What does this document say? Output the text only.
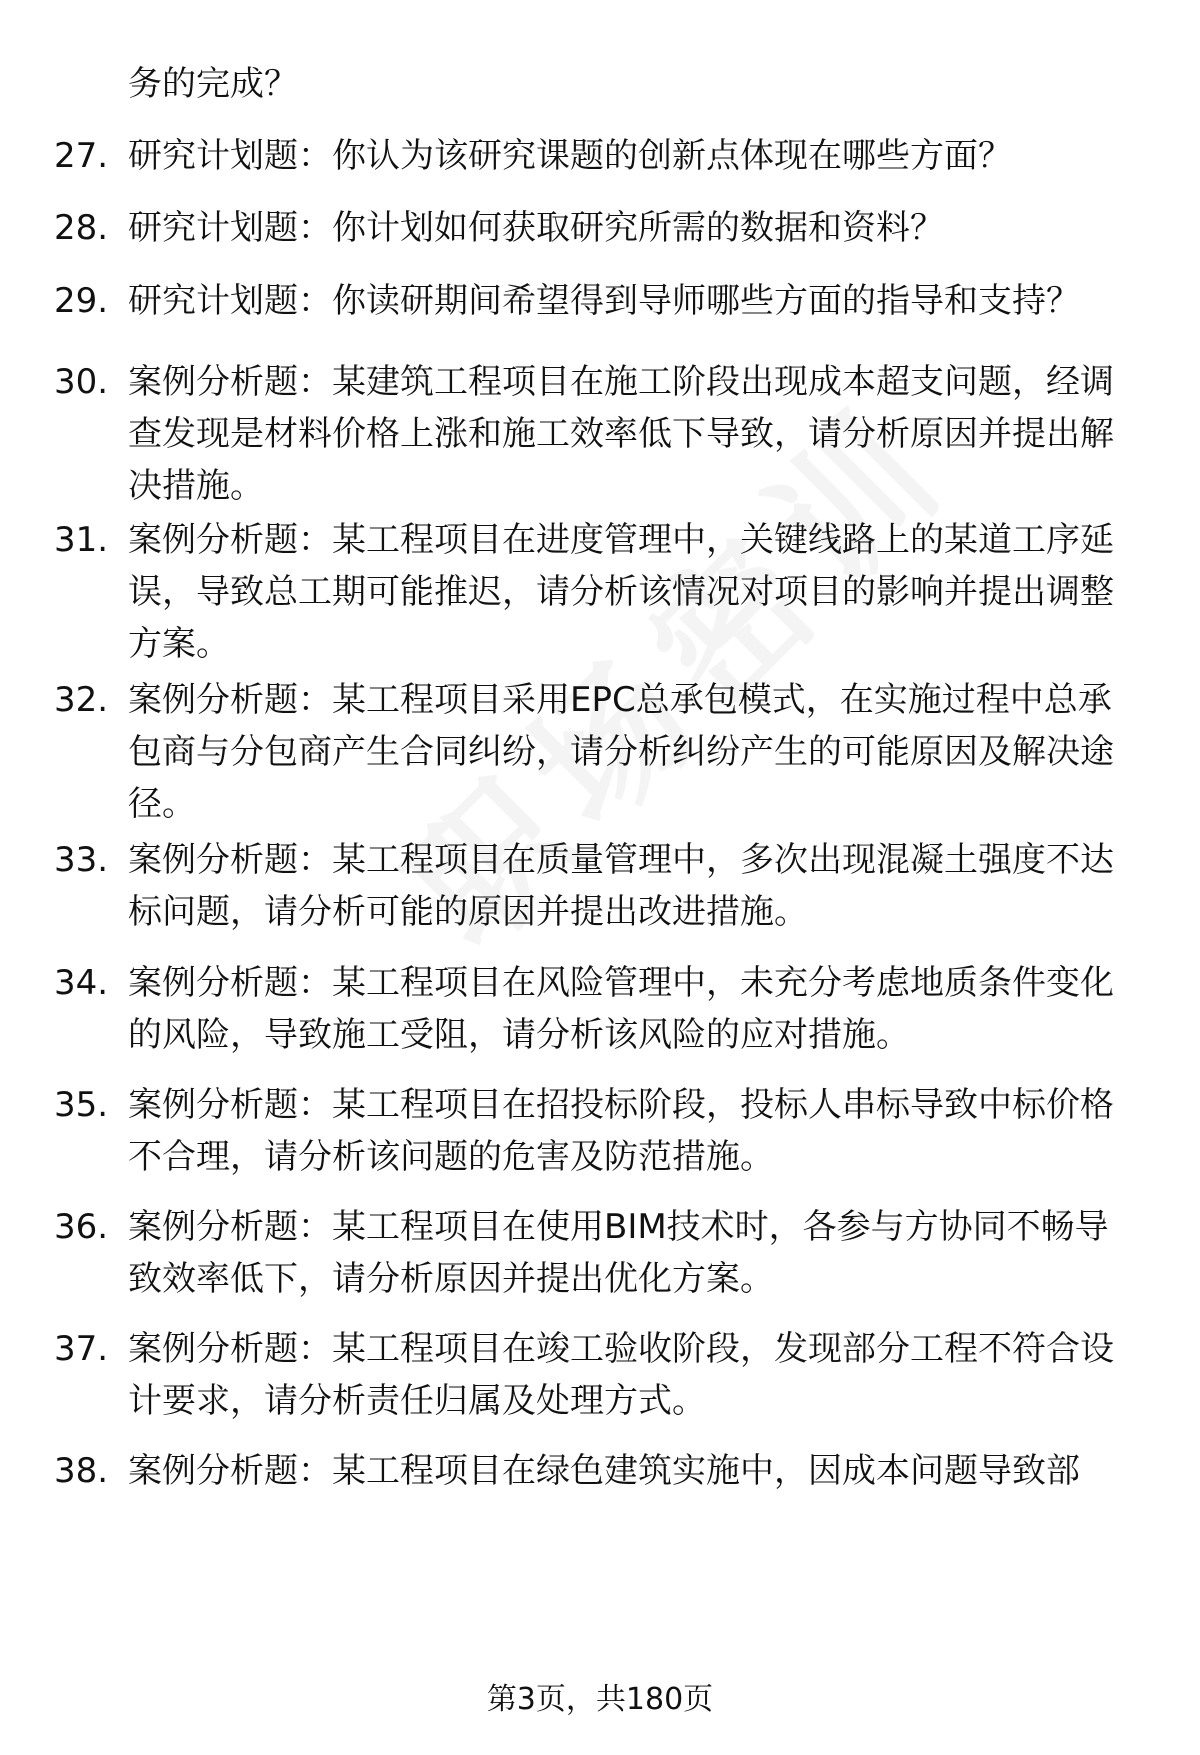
务的完成？
27. 研究计划题：你认为该研究课题的创新点体现在哪些方面？
28. 研究计划题：你计划如何获取研究所需的数据和资料？
29. 研究计划题：你读研期间希望得到导师哪些方面的指导和支持？
30. 案例分析题：某建筑工程项目在施工阶段出现成本超支问题，经调查发现是材料价格上涨和施工效率低下导致，请分析原因并提出解决措施。
31. 案例分析题：某工程项目在进度管理中，关键线路上的某道工序延误，导致总工期可能推迟，请分析该情况对项目的影响并提出调整方案。
32. 案例分析题：某工程项目采用EPC总承包模式，在实施过程中总承包商与分包商产生合同纠纷，请分析纠纷产生的可能原因及解决途径。
33. 案例分析题：某工程项目在质量管理中，多次出现混凝土强度不达标问题，请分析可能的原因并提出改进措施。
34. 案例分析题：某工程项目在风险管理中，未充分考虑地质条件变化的风险，导致施工受阻，请分析该风险的应对措施。
35. 案例分析题：某工程项目在招投标阶段，投标人串标导致中标价格不合理，请分析该问题的危害及防范措施。
36. 案例分析题：某工程项目在使用BIM技术时，各参与方协同不畅导致效率低下，请分析原因并提出优化方案。
37. 案例分析题：某工程项目在竣工验收阶段，发现部分工程不符合设计要求，请分析责任归属及处理方式。
38. 案例分析题：某工程项目在绿色建筑实施中，因成本问题导致部
第3页，共180页
